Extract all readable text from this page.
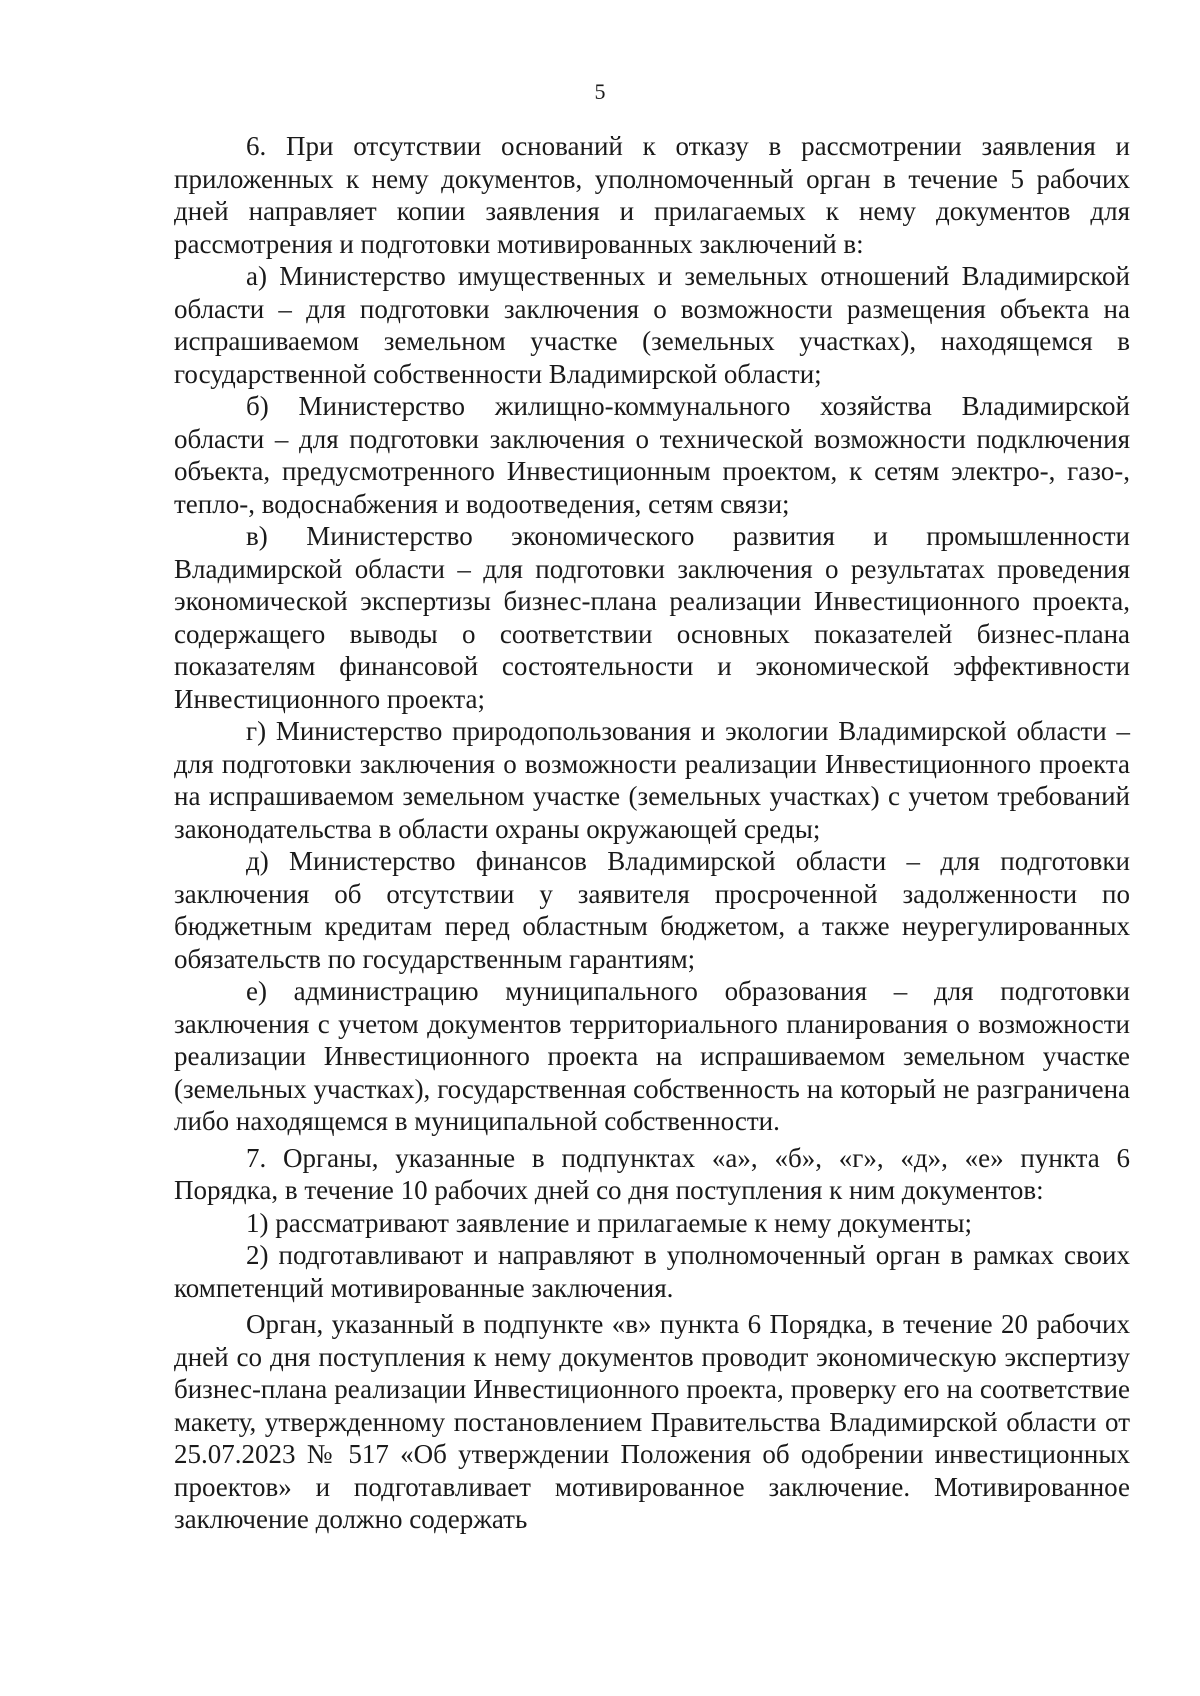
5

6. При отсутствии оснований к отказу в рассмотрении заявления и приложенных к нему документов, уполномоченный орган в течение 5 рабочих дней направляет копии заявления и прилагаемых к нему документов для рассмотрения и подготовки мотивированных заключений в:

а) Министерство имущественных и земельных отношений Владимирской области – для подготовки заключения о возможности размещения объекта на испрашиваемом земельном участке (земельных участках), находящемся в государственной собственности Владимирской области;

б) Министерство жилищно-коммунального хозяйства Владимирской области – для подготовки заключения о технической возможности подключения объекта, предусмотренного Инвестиционным проектом, к сетям электро-, газо-, тепло-, водоснабжения и водоотведения, сетям связи;

в) Министерство экономического развития и промышленности Владимирской области – для подготовки заключения о результатах проведения экономической экспертизы бизнес-плана реализации Инвестиционного проекта, содержащего выводы о соответствии основных показателей бизнес-плана показателям финансовой состоятельности и экономической эффективности Инвестиционного проекта;

г) Министерство природопользования и экологии Владимирской области – для подготовки заключения о возможности реализации Инвестиционного проекта на испрашиваемом земельном участке (земельных участках) с учетом требований законодательства в области охраны окружающей среды;

д) Министерство финансов Владимирской области – для подготовки заключения об отсутствии у заявителя просроченной задолженности по бюджетным кредитам перед областным бюджетом, а также неурегулированных обязательств по государственным гарантиям;

е) администрацию муниципального образования – для подготовки заключения с учетом документов территориального планирования о возможности реализации Инвестиционного проекта на испрашиваемом земельном участке (земельных участках), государственная собственность на который не разграничена либо находящемся в муниципальной собственности.

7. Органы, указанные в подпунктах «а», «б», «г», «д», «е» пункта 6 Порядка, в течение 10 рабочих дней со дня поступления к ним документов:

1) рассматривают заявление и прилагаемые к нему документы;

2) подготавливают и направляют в уполномоченный орган в рамках своих компетенций мотивированные заключения.

Орган, указанный в подпункте «в» пункта 6 Порядка, в течение 20 рабочих дней со дня поступления к нему документов проводит экономическую экспертизу бизнес-плана реализации Инвестиционного проекта, проверку его на соответствие макету, утвержденному постановлением Правительства Владимирской области от 25.07.2023 № 517 «Об утверждении Положения об одобрении инвестиционных проектов» и подготавливает мотивированное заключение. Мотивированное заключение должно содержать
